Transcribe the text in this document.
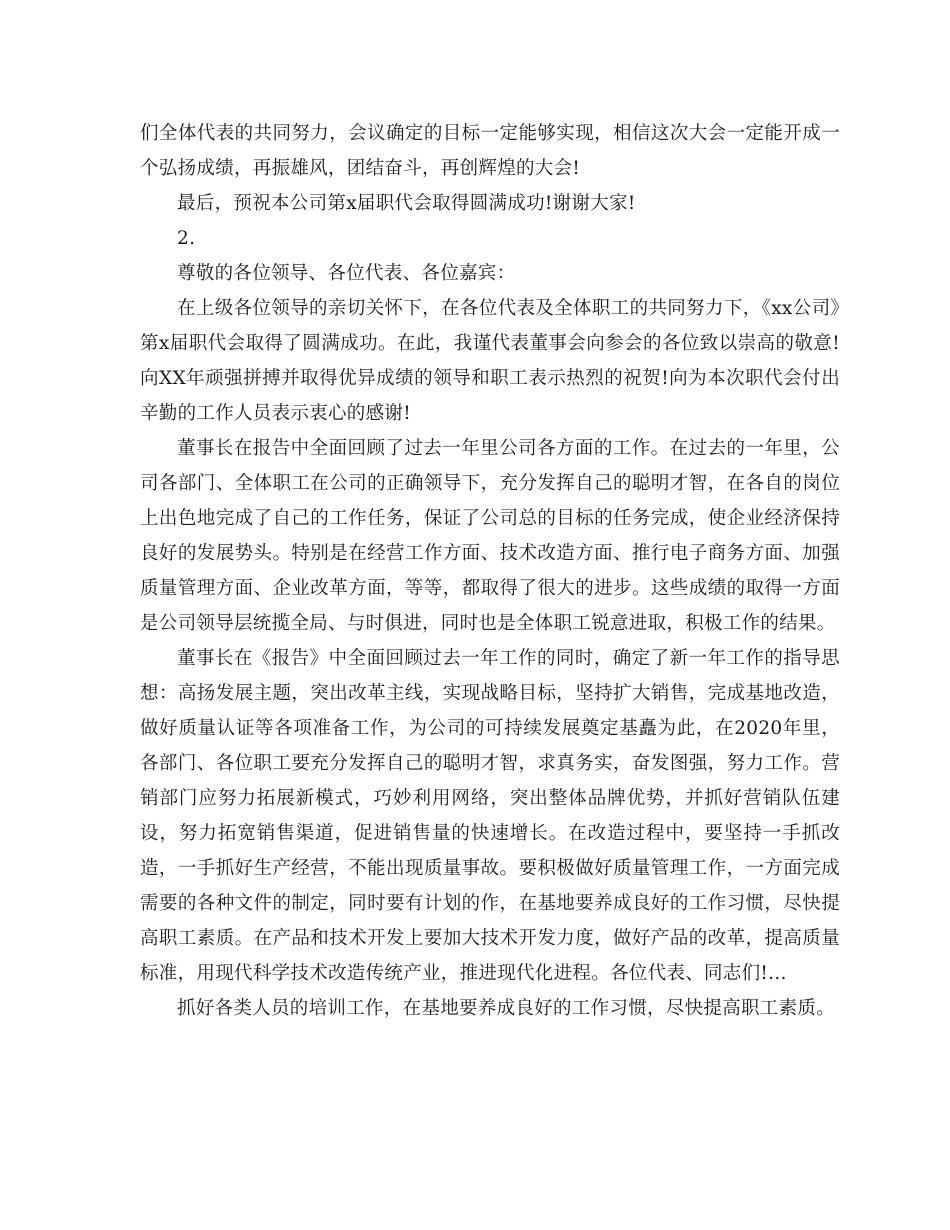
们全体代表的共同努力，会议确定的目标一定能够实现，相信这次大会一定能开成一个弘扬成绩，再振雄风，团结奋斗，再创辉煌的大会!

最后，预祝本公司第x届职代会取得圆满成功!谢谢大家!

2.

尊敬的各位领导、各位代表、各位嘉宾：

在上级各位领导的亲切关怀下，在各位代表及全体职工的共同努力下，《xx公司》第x届职代会取得了圆满成功。在此，我谨代表董事会向参会的各位致以崇高的敬意!向XX年顽强拼搏并取得优异成绩的领导和职工表示热烈的祝贺!向为本次职代会付出辛勤的工作人员表示衷心的感谢!

董事长在报告中全面回顾了过去一年里公司各方面的工作。在过去的一年里，公司各部门、全体职工在公司的正确领导下，充分发挥自己的聪明才智，在各自的岗位上出色地完成了自己的工作任务，保证了公司总的目标的任务完成，使企业经济保持良好的发展势头。特别是在经营工作方面、技术改造方面、推行电子商务方面、加强质量管理方面、企业改革方面，等等，都取得了很大的进步。这些成绩的取得一方面是公司领导层统揽全局、与时俱进，同时也是全体职工锐意进取，积极工作的结果。

董事长在《报告》中全面回顾过去一年工作的同时，确定了新一年工作的指导思想：高扬发展主题，突出改革主线，实现战略目标，坚持扩大销售，完成基地改造，做好质量认证等各项准备工作，为公司的可持续发展奠定基矗为此，在2020年里，各部门、各位职工要充分发挥自己的聪明才智，求真务实，奋发图强，努力工作。营销部门应努力拓展新模式，巧妙利用网络，突出整体品牌优势，并抓好营销队伍建设，努力拓宽销售渠道，促进销售量的快速增长。在改造过程中，要坚持一手抓改造，一手抓好生产经营，不能出现质量事故。要积极做好质量管理工作，一方面完成需要的各种文件的制定，同时要有计划的作，在基地要养成良好的工作习惯，尽快提高职工素质。在产品和技术开发上要加大技术开发力度，做好产品的改革，提高质量标准，用现代科学技术改造传统产业，推进现代化进程。各位代表、同志们!...

抓好各类人员的培训工作，在基地要养成良好的工作习惯，尽快提高职工素质。
